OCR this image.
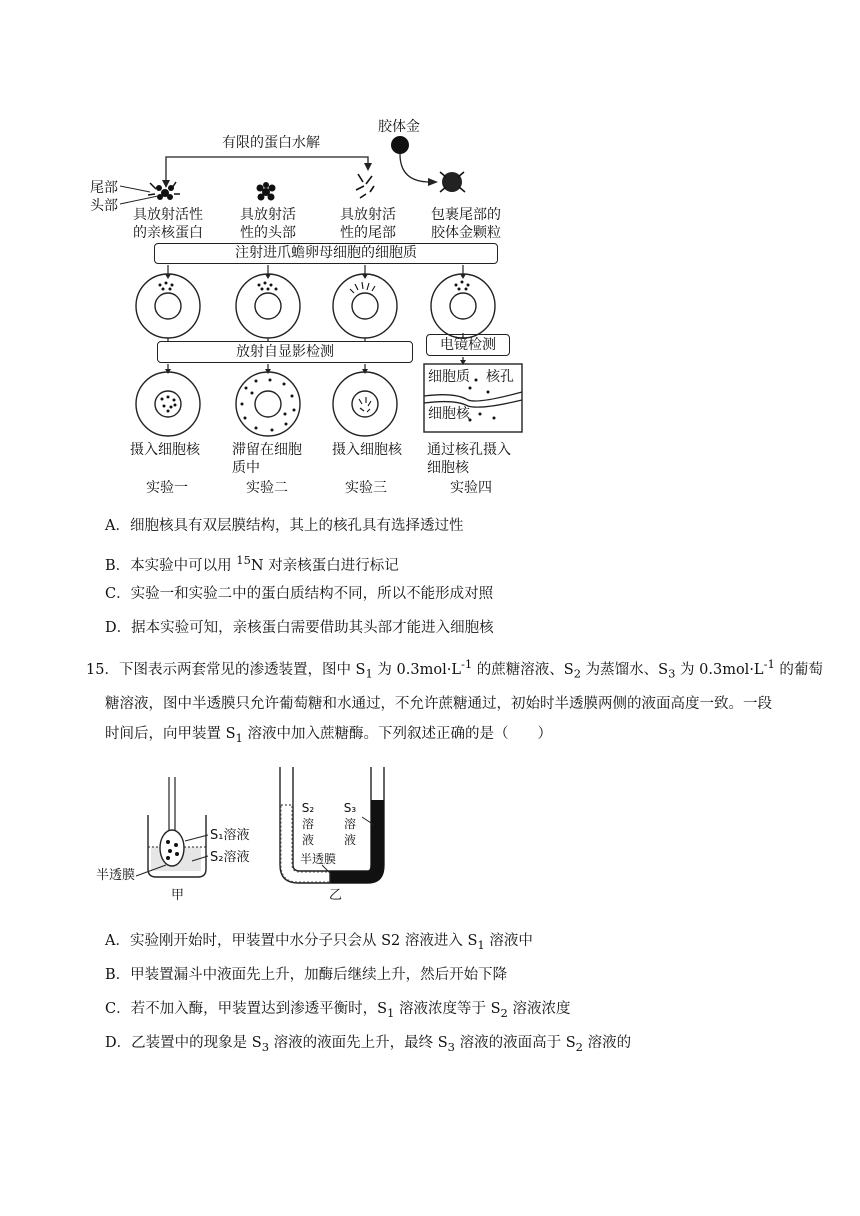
有限的蛋白水解
胶体金
尾部
头部
具放射活性
的亲核蛋白
具放射活
性的头部
具放射活
性的尾部
包裹尾部的
胶体金颗粒
注射进爪蟾卵母细胞的细胞质
放射自显影检测	电镜检测
细胞质 核孔
细胞核
摄入细胞核 滞留在细胞
质中
摄入细胞核 通过核孔摄入
细胞核
实验一	实验二	实验三	实验四
A．细胞核具有双层膜结构，其上的核孔具有选择透过性
B．本实验中可以用 $^{15}$N 对亲核蛋白进行标记
C．实验一和实验二中的蛋白质结构不同，所以不能形成对照
D．据本实验可知，亲核蛋白需要借助其头部才能进入细胞核
15．下图表示两套常见的渗透装置，图中 $S_1$ 为 $0.3mol\cdot L^{-1}$ 的蔗糖溶液、$S_2$ 为蒸馏水、$S_3$ 为 $0.3mol\cdot L^{-1}$ 的葡萄
糖溶液，图中半透膜只允许葡萄糖和水通过，不允许蔗糖通过，初始时半透膜两侧的液面高度一致。一段
时间后，向甲装置 $S_1$ 溶液中加入蔗糖酶。下列叙述正确的是（　　）
S₁溶液
S₂溶液
半透膜
甲	乙
S₂
溶
液
S₃
溶
液
半透膜
A．实验刚开始时，甲装置中水分子只会从 S2 溶液进入 $S_1$ 溶液中
B．甲装置漏斗中液面先上升，加酶后继续上升，然后开始下降
C．若不加入酶，甲装置达到渗透平衡时，$S_1$ 溶液浓度等于 $S_2$ 溶液浓度
D．乙装置中的现象是 $S_3$ 溶液的液面先上升，最终 $S_3$ 溶液的液面高于 $S_2$ 溶液的
